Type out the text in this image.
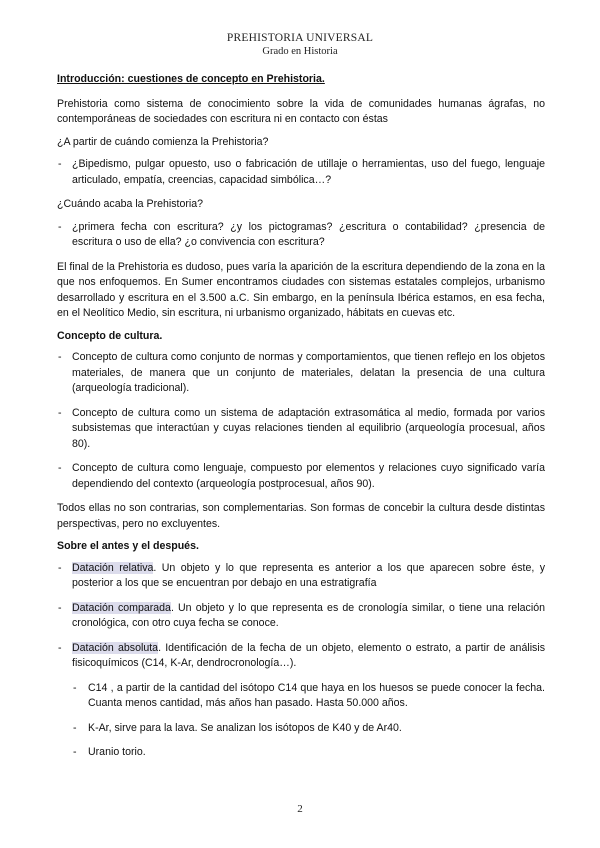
PREHISTORIA UNIVERSAL
Grado en Historia
Introducción: cuestiones de concepto en Prehistoria.

Prehistoria como sistema de conocimiento sobre la vida de comunidades humanas ágrafas, no contemporáneas de sociedades con escritura ni en contacto con éstas

¿A partir de cuándo comienza la Prehistoria?

- ¿Bipedismo, pulgar opuesto, uso o fabricación de utillaje o herramientas, uso del fuego, lenguaje articulado, empatía, creencias, capacidad simbólica…?

¿Cuándo acaba la Prehistoria?

- ¿primera fecha con escritura? ¿y los pictogramas? ¿escritura o contabilidad? ¿presencia de escritura o uso de ella? ¿o convivencia con escritura?

El final de la Prehistoria es dudoso, pues varía la aparición de la escritura dependiendo de la zona en la que nos enfoquemos. En Sumer encontramos ciudades con sistemas estatales complejos, urbanismo desarrollado y escritura en el 3.500 a.C. Sin embargo, en la península Ibérica estamos, en esa fecha, en el Neolítico Medio, sin escritura, ni urbanismo organizado, hábitats en cuevas etc.

Concepto de cultura.
- Concepto de cultura como conjunto de normas y comportamientos, que tienen reflejo en los objetos materiales, de manera que un conjunto de materiales, delatan la presencia de una cultura (arqueología tradicional).
- Concepto de cultura como un sistema de adaptación extrasomática al medio, formada por varios subsistemas que interactúan y cuyas relaciones tienden al equilibrio (arqueología procesual, años 80).
- Concepto de cultura como lenguaje, compuesto por elementos y relaciones cuyo significado varía dependiendo del contexto (arqueología postprocesual, años 90).

Todos ellas no son contrarias, son complementarias. Son formas de concebir la cultura desde distintas perspectivas, pero no excluyentes.

Sobre el antes y el después.
- Datación relativa. Un objeto y lo que representa es anterior a los que aparecen sobre éste, y posterior a los que se encuentran por debajo en una estratigrafía
- Datación comparada. Un objeto y lo que representa es de cronología similar, o tiene una relación cronológica, con otro cuya fecha se conoce.
- Datación absoluta. Identificación de la fecha de un objeto, elemento o estrato, a partir de análisis fisicoquímicos (C14, K-Ar, dendrocronología…).
- C14 , a partir de la cantidad del isótopo C14 que haya en los huesos se puede conocer la fecha. Cuanta menos cantidad, más años han pasado. Hasta 50.000 años.
- K-Ar, sirve para la lava. Se analizan los isótopos de K40 y de Ar40.
- Uranio torio.
2
